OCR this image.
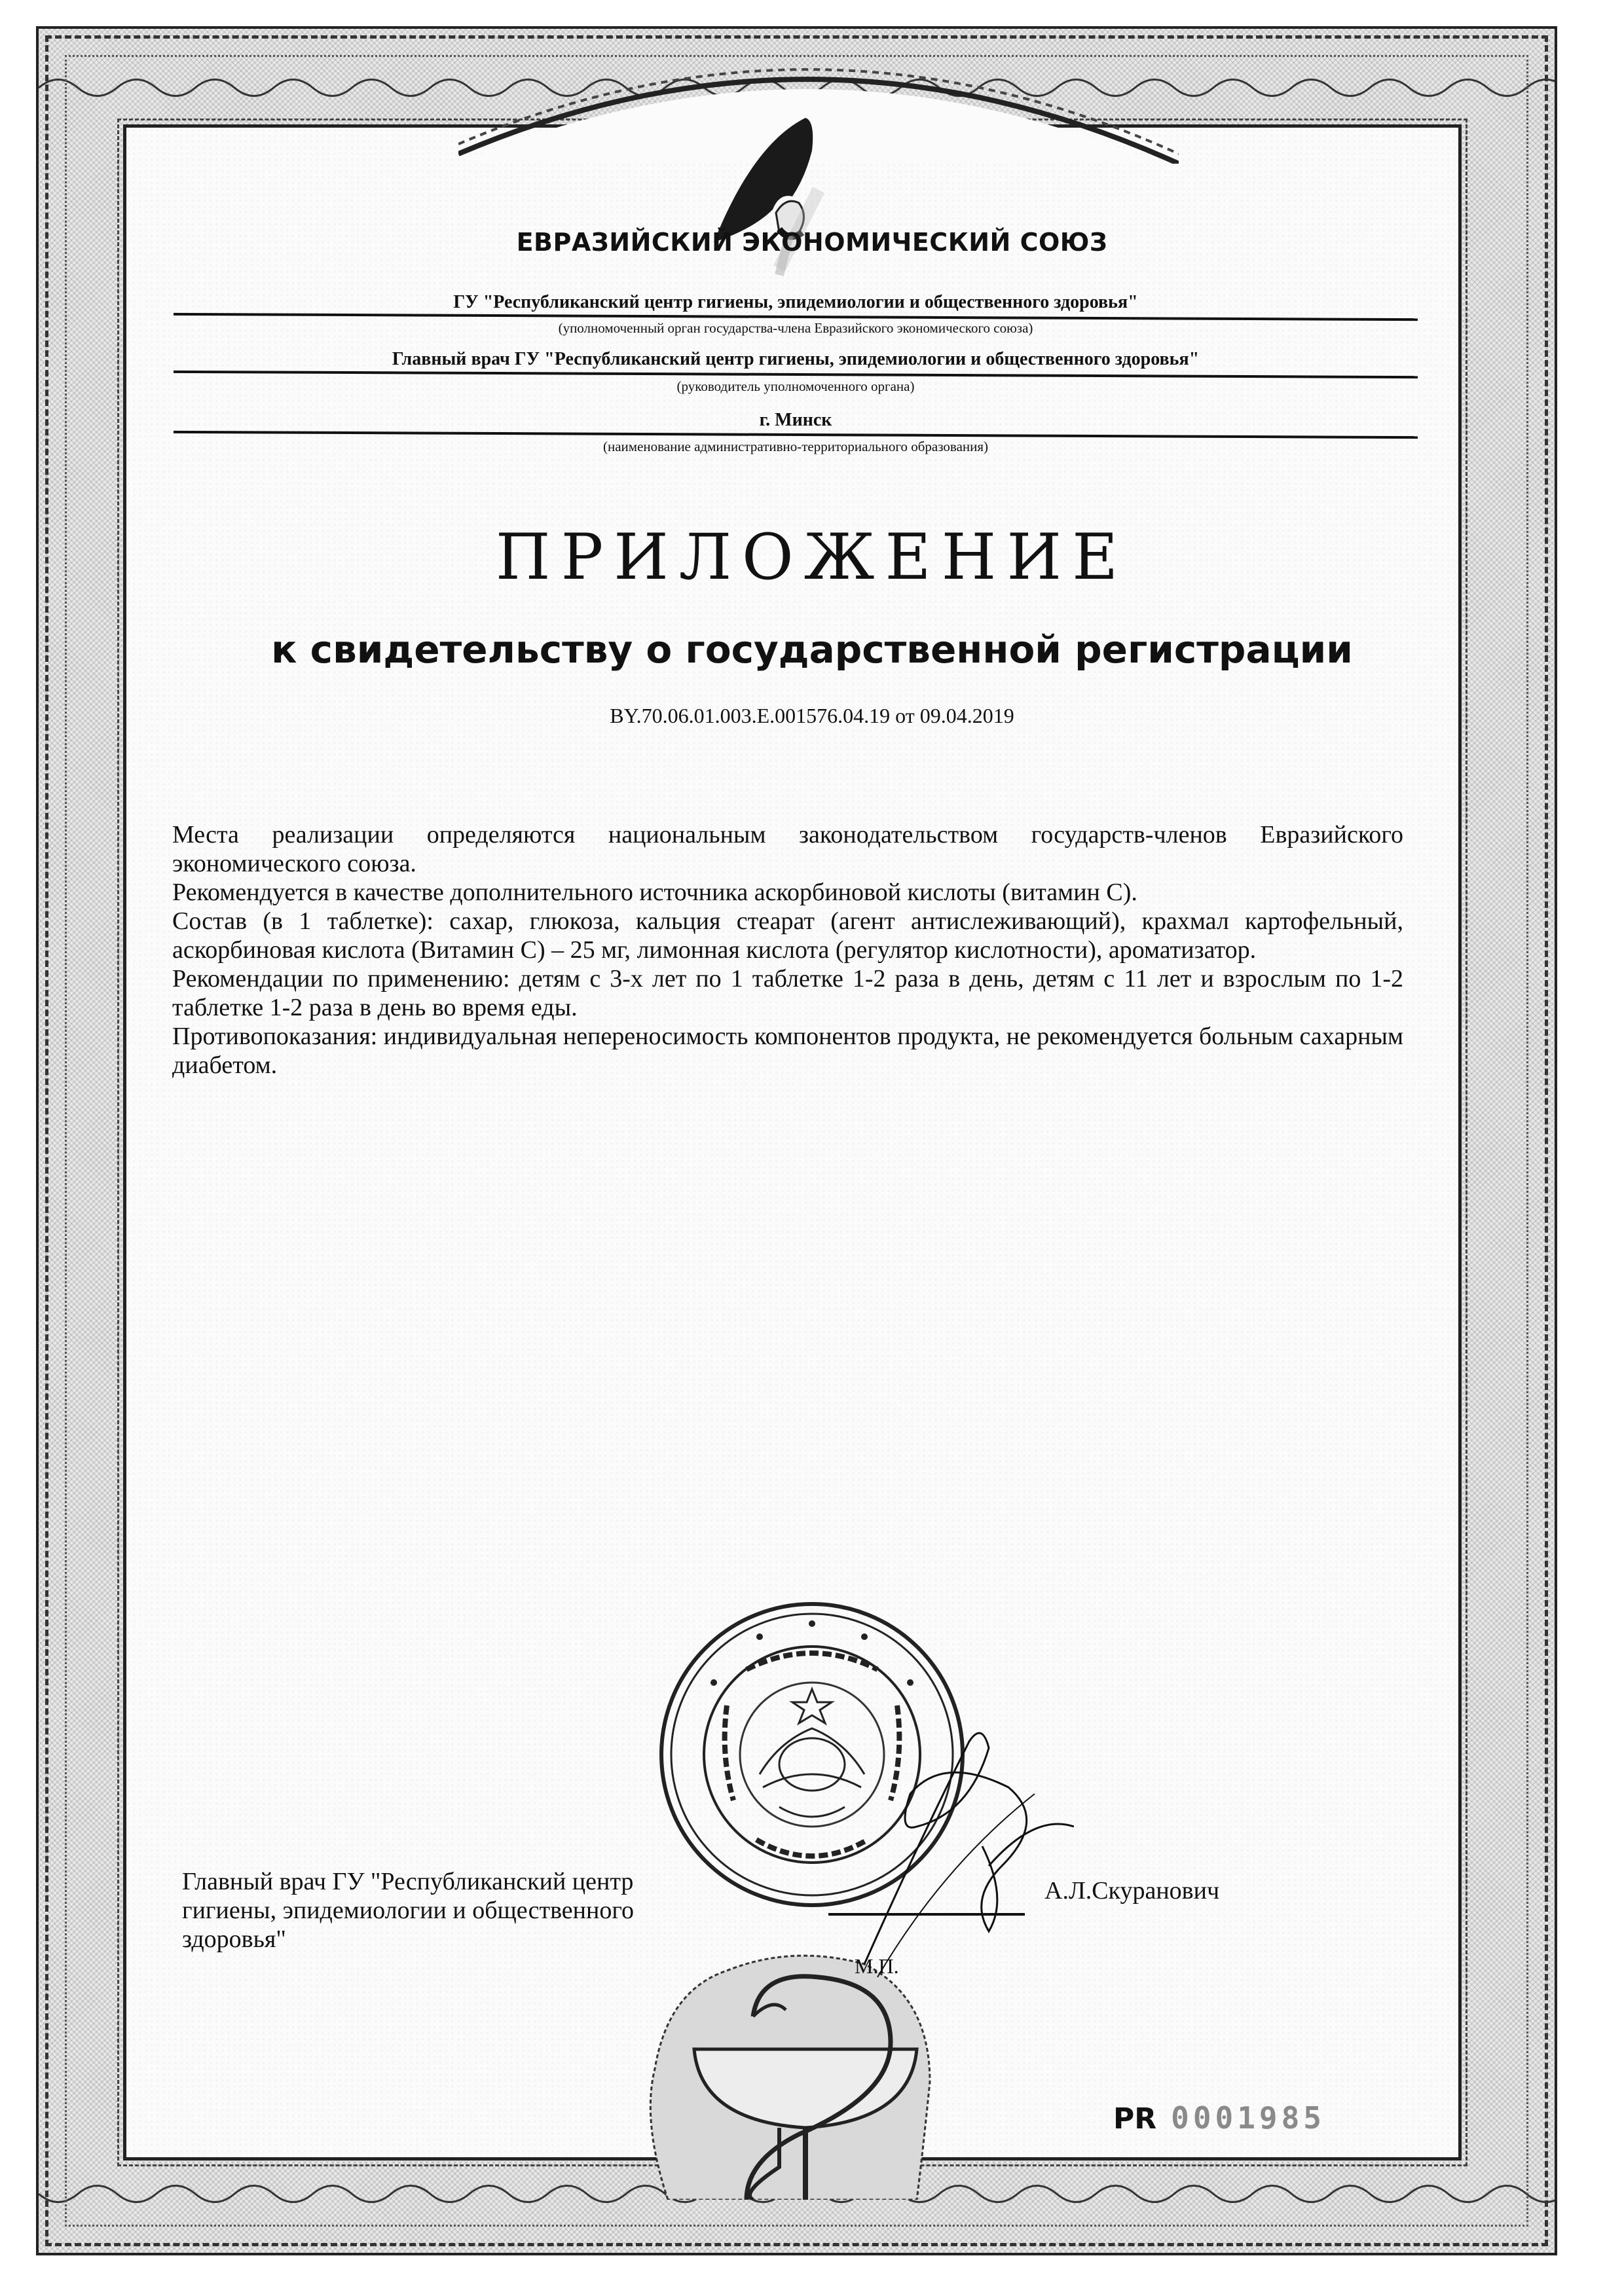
ЕВРАЗИЙСКИЙ ЭКОНОМИЧЕСКИЙ СОЮЗ
ГУ "Республиканский центр гигиены, эпидемиологии и общественного здоровья"
(уполномоченный орган государства-члена Евразийского экономического союза)
Главный врач ГУ "Республиканский центр гигиены, эпидемиологии и общественного здоровья"
(руководитель уполномоченного органа)
г. Минск
(наименование административно-территориального образования)
ПРИЛОЖЕНИЕ
к свидетельству о государственной регистрации
BY.70.06.01.003.E.001576.04.19 от 09.04.2019

Места реализации определяются национальным законодательством государств-членов Евразийского экономического союза.

Рекомендуется в качестве дополнительного источника аскорбиновой кислоты (витамин С).

Состав (в 1 таблетке): сахар, глюкоза, кальция стеарат (агент антислеживающий), крахмал картофельный, аскорбиновая кислота (Витамин С) – 25 мг, лимонная кислота (регулятор кислотности), ароматизатор.

Рекомендации по применению: детям с 3-х лет по 1 таблетке 1-2 раза в день, детям с 11 лет и взрослым по 1-2 таблетке 1-2 раза в день во время еды.

Противопоказания: индивидуальная непереносимость компонентов продукта, не рекомендуется больным сахарным диабетом.

Главный врач ГУ "Республиканский центр
гигиены, эпидемиологии и общественного
здоровья"
А.Л.Скуранович
М.П.
PR 0001985
